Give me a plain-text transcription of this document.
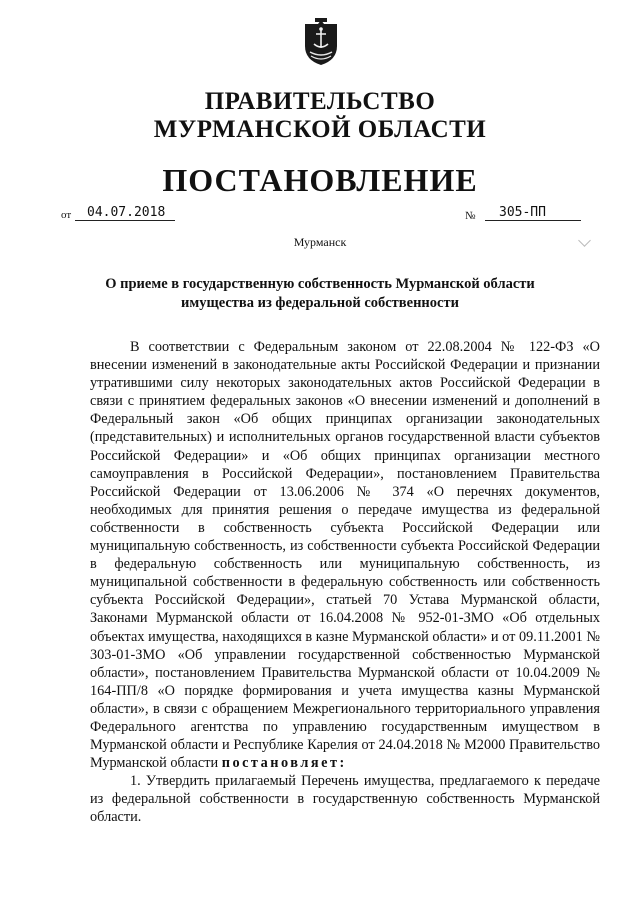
ПРАВИТЕЛЬСТВО
МУРМАНСКОЙ ОБЛАСТИ
ПОСТАНОВЛЕНИЕ
от	04.07.2018	№	305-ПП
Мурманск
О приеме в государственную собственность Мурманской области
имущества из федеральной собственности

В соответствии с Федеральным законом от 22.08.2004 № 122-ФЗ «О внесении изменений в законодательные акты Российской Федерации и признании утратившими силу некоторых законодательных актов Российской Федерации в связи с принятием федеральных законов «О внесении изменений и дополнений в Федеральный закон «Об общих принципах организации законодательных (представительных) и исполнительных органов государственной власти субъектов Российской Федерации» и «Об общих принципах организации местного самоуправления в Российской Федерации», постановлением Правительства Российской Федерации от 13.06.2006 № 374 «О перечнях документов, необходимых для принятия решения о передаче имущества из федеральной собственности в собственность субъекта Российской Федерации или муниципальную собственность, из собственности субъекта Российской Федерации в федеральную собственность или муниципальную собственность, из муниципальной собственности в федеральную собственность или собственность субъекта Российской Федерации», статьей 70 Устава Мурманской области, Законами Мурманской области от 16.04.2008 № 952-01-ЗМО «Об отдельных объектах имущества, находящихся в казне Мурманской области» и от 09.11.2001 № 303-01-ЗМО «Об управлении государственной собственностью Мурманской области», постановлением Правительства Мурманской области от 10.04.2009 № 164-ПП/8 «О порядке формирования и учета имущества казны Мурманской области», в связи с обращением Межрегионального территориального управления Федерального агентства по управлению государственным имуществом в Мурманской области и Республике Карелия от 24.04.2018 № М2000 Правительство Мурманской области постановляет:

1. Утвердить прилагаемый Перечень имущества, предлагаемого к передаче из федеральной собственности в государственную собственность Мурманской области.
